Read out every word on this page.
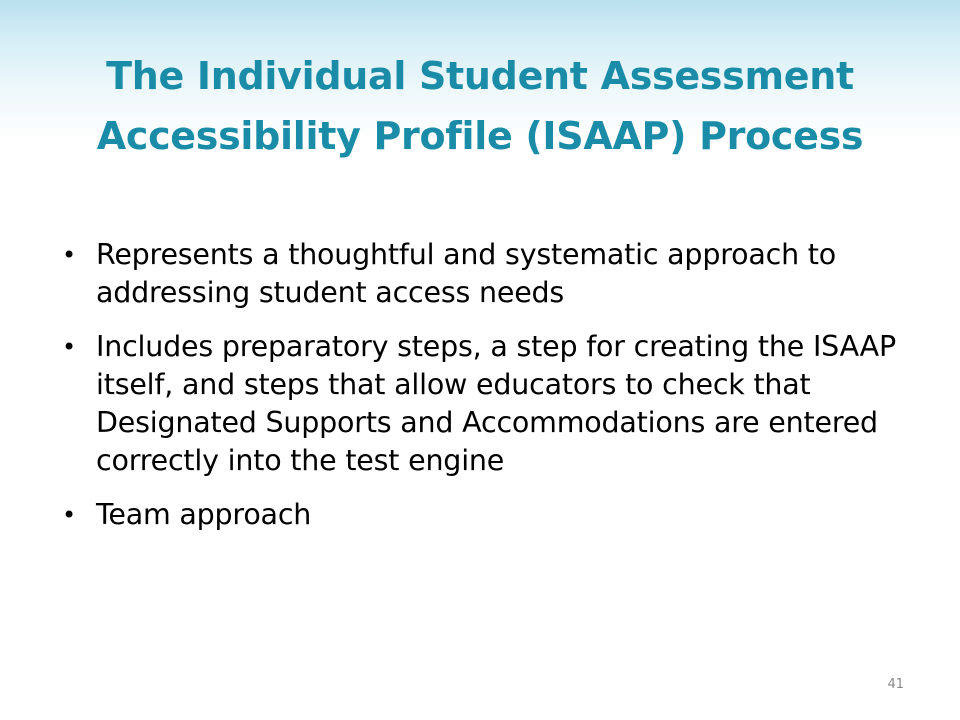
The Individual Student Assessment
Accessibility Profile (ISAAP) Process
• Represents a thoughtful and systematic approach to addressing student access needs
• Includes preparatory steps, a step for creating the ISAAP itself, and steps that allow educators to check that Designated Supports and Accommodations are entered correctly into the test engine
• Team approach
41
